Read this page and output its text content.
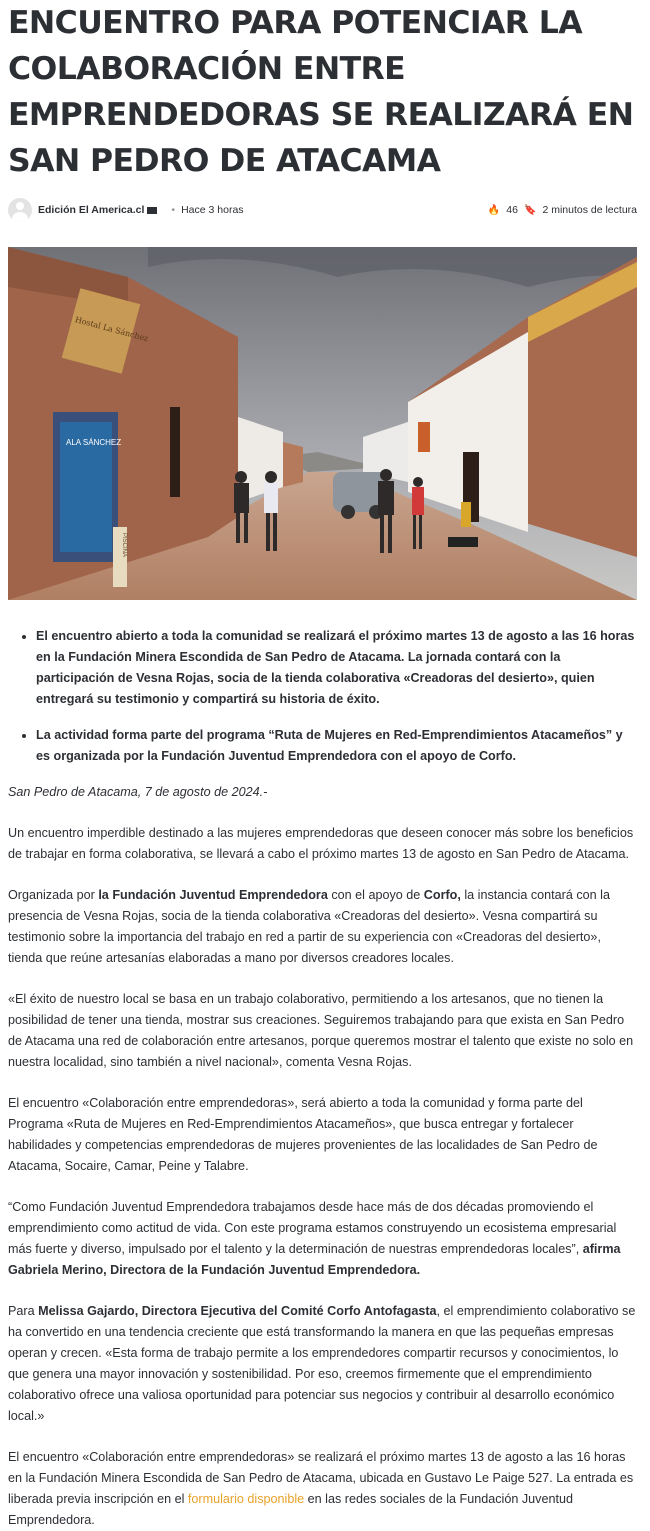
ENCUENTRO PARA POTENCIAR LA COLABORACIÓN ENTRE EMPRENDEDORAS SE REALIZARÁ EN SAN PEDRO DE ATACAMA
Edición El America.cl	• Hace 3 horas	🔥 46 🔖 2 minutos de lectura
ALA SÁNCHEZ
Hostal La Sánchez
PISCINA
• El encuentro abierto a toda la comunidad se realizará el próximo martes 13 de agosto a las 16 horas en la Fundación Minera Escondida de San Pedro de Atacama. La jornada contará con la participación de Vesna Rojas, socia de la tienda colaborativa «Creadoras del desierto», quien entregará su testimonio y compartirá su historia de éxito.
• La actividad forma parte del programa “Ruta de Mujeres en Red-Emprendimientos Atacameños” y es organizada por la Fundación Juventud Emprendedora con el apoyo de Corfo.

San Pedro de Atacama, 7 de agosto de 2024.-

Un encuentro imperdible destinado a las mujeres emprendedoras que deseen conocer más sobre los beneficios de trabajar en forma colaborativa, se llevará a cabo el próximo martes 13 de agosto en San Pedro de Atacama.

Organizada por la Fundación Juventud Emprendedora con el apoyo de Corfo, la instancia contará con la presencia de Vesna Rojas, socia de la tienda colaborativa «Creadoras del desierto». Vesna compartirá su testimonio sobre la importancia del trabajo en red a partir de su experiencia con «Creadoras del desierto», tienda que reúne artesanías elaboradas a mano por diversos creadores locales.

«El éxito de nuestro local se basa en un trabajo colaborativo, permitiendo a los artesanos, que no tienen la posibilidad de tener una tienda, mostrar sus creaciones. Seguiremos trabajando para que exista en San Pedro de Atacama una red de colaboración entre artesanos, porque queremos mostrar el talento que existe no solo en nuestra localidad, sino también a nivel nacional», comenta Vesna Rojas.

El encuentro «Colaboración entre emprendedoras», será abierto a toda la comunidad y forma parte del Programa «Ruta de Mujeres en Red-Emprendimientos Atacameños», que busca entregar y fortalecer habilidades y competencias emprendedoras de mujeres provenientes de las localidades de San Pedro de Atacama, Socaire, Camar, Peine y Talabre.

“Como Fundación Juventud Emprendedora trabajamos desde hace más de dos décadas promoviendo el emprendimiento como actitud de vida. Con este programa estamos construyendo un ecosistema empresarial más fuerte y diverso, impulsado por el talento y la determinación de nuestras emprendedoras locales”, afirma Gabriela Merino, Directora de la Fundación Juventud Emprendedora.

Para Melissa Gajardo, Directora Ejecutiva del Comité Corfo Antofagasta, el emprendimiento colaborativo se ha convertido en una tendencia creciente que está transformando la manera en que las pequeñas empresas operan y crecen. «Esta forma de trabajo permite a los emprendedores compartir recursos y conocimientos, lo que genera una mayor innovación y sostenibilidad. Por eso, creemos firmemente que el emprendimiento colaborativo ofrece una valiosa oportunidad para potenciar sus negocios y contribuir al desarrollo económico local.»

El encuentro «Colaboración entre emprendedoras» se realizará el próximo martes 13 de agosto a las 16 horas en la Fundación Minera Escondida de San Pedro de Atacama, ubicada en Gustavo Le Paige 527. La entrada es liberada previa inscripción en el formulario disponible en las redes sociales de la Fundación Juventud Emprendedora.
